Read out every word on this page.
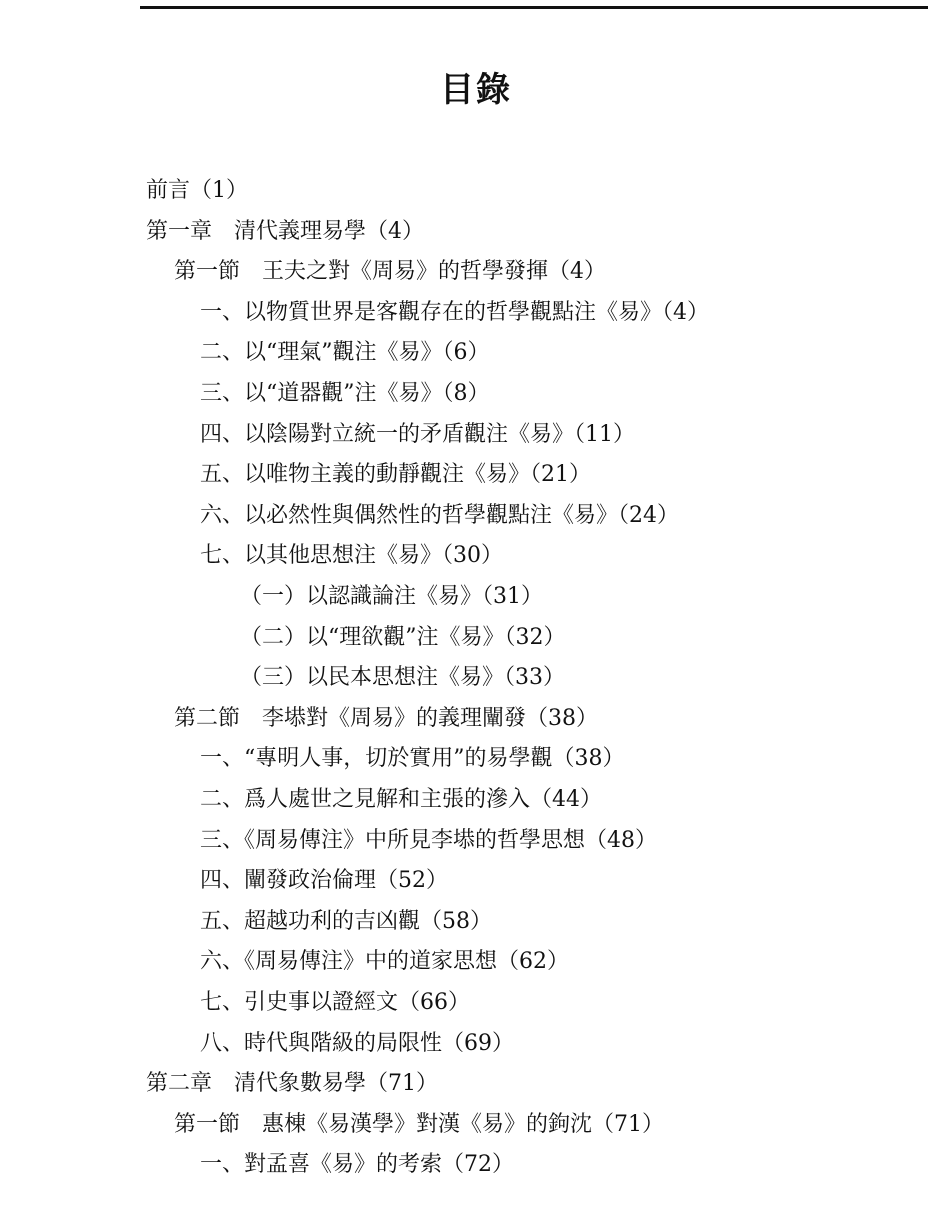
目錄
前言（1）
第一章 清代義理易學（4）
第一節 王夫之對《周易》的哲學發揮（4）
一、以物質世界是客觀存在的哲學觀點注《易》（4）
二、以“理氣”觀注《易》（6）
三、以“道器觀”注《易》（8）
四、以陰陽對立統一的矛盾觀注《易》（11）
五、以唯物主義的動靜觀注《易》（21）
六、以必然性與偶然性的哲學觀點注《易》（24）
七、以其他思想注《易》（30）
（一）以認識論注《易》（31）
（二）以“理欲觀”注《易》（32）
（三）以民本思想注《易》（33）
第二節 李塨對《周易》的義理闡發（38）
一、“專明人事，切於實用”的易學觀（38）
二、爲人處世之見解和主張的滲入（44）
三、《周易傳注》中所見李塨的哲學思想（48）
四、闡發政治倫理（52）
五、超越功利的吉凶觀（58）
六、《周易傳注》中的道家思想（62）
七、引史事以證經文（66）
八、時代與階級的局限性（69）
第二章 清代象數易學（71）
第一節 惠棟《易漢學》對漢《易》的鉤沈（71）
一、對孟喜《易》的考索（72）
